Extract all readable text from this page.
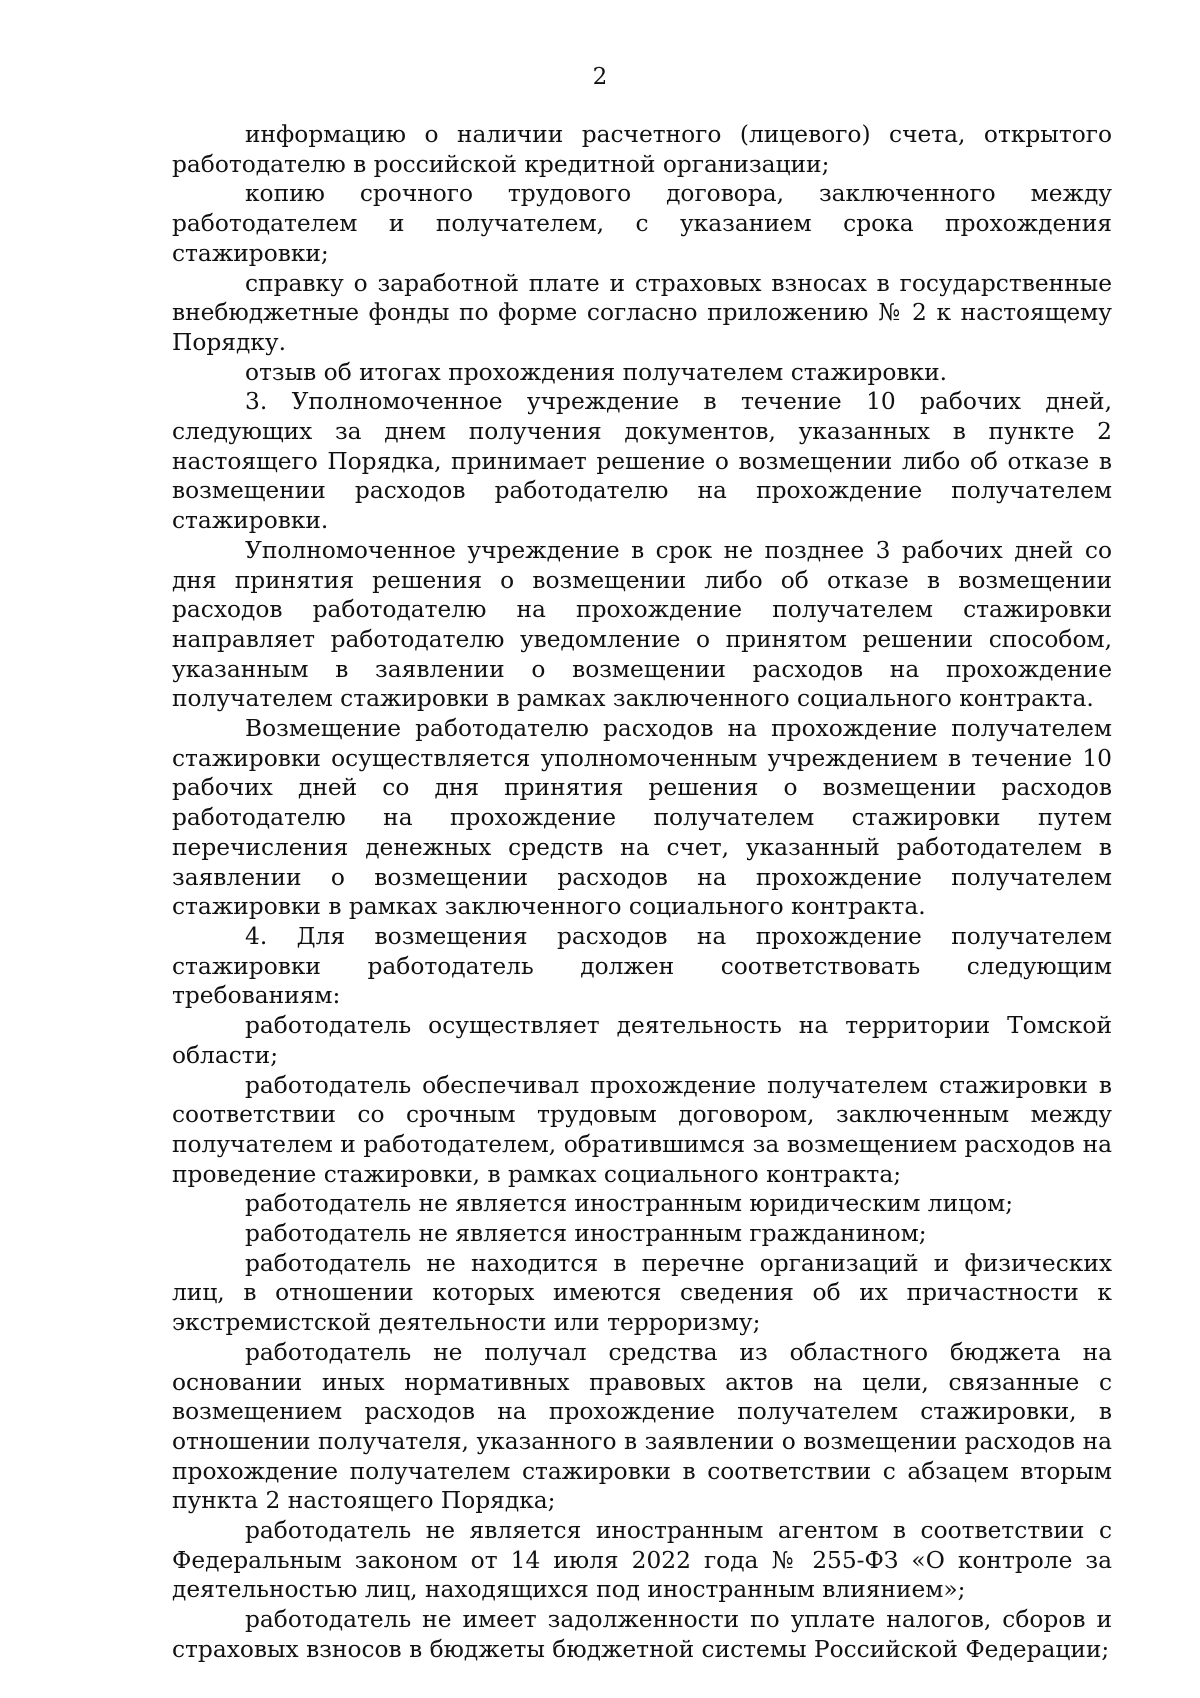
2

информацию о наличии расчетного (лицевого) счета, открытого работодателю в российской кредитной организации;

копию срочного трудового договора, заключенного между работодателем и получателем, с указанием срока прохождения стажировки;

справку о заработной плате и страховых взносах в государственные внебюджетные фонды по форме согласно приложению № 2 к настоящему Порядку.

отзыв об итогах прохождения получателем стажировки.

3. Уполномоченное учреждение в течение 10 рабочих дней, следующих за днем получения документов, указанных в пункте 2 настоящего Порядка, принимает решение о возмещении либо об отказе в возмещении расходов работодателю на прохождение получателем стажировки.

Уполномоченное учреждение в срок не позднее 3 рабочих дней со дня принятия решения о возмещении либо об отказе в возмещении расходов работодателю на прохождение получателем стажировки направляет работодателю уведомление о принятом решении способом, указанным в заявлении о возмещении расходов на прохождение получателем стажировки в рамках заключенного социального контракта.

Возмещение работодателю расходов на прохождение получателем стажировки осуществляется уполномоченным учреждением в течение 10 рабочих дней со дня принятия решения о возмещении расходов работодателю на прохождение получателем стажировки путем перечисления денежных средств на счет, указанный работодателем в заявлении о возмещении расходов на прохождение получателем стажировки в рамках заключенного социального контракта.

4. Для возмещения расходов на прохождение получателем стажировки работодатель должен соответствовать следующим требованиям:

работодатель осуществляет деятельность на территории Томской области;

работодатель обеспечивал прохождение получателем стажировки в соответствии со срочным трудовым договором, заключенным между получателем и работодателем, обратившимся за возмещением расходов на проведение стажировки, в рамках социального контракта;

работодатель не является иностранным юридическим лицом;

работодатель не является иностранным гражданином;

работодатель не находится в перечне организаций и физических лиц, в отношении которых имеются сведения об их причастности к экстремистской деятельности или терроризму;

работодатель не получал средства из областного бюджета на основании иных нормативных правовых актов на цели, связанные с возмещением расходов на прохождение получателем стажировки, в отношении получателя, указанного в заявлении о возмещении расходов на прохождение получателем стажировки в соответствии с абзацем вторым пункта 2 настоящего Порядка;

работодатель не является иностранным агентом в соответствии с Федеральным законом от 14 июля 2022 года № 255-ФЗ «О контроле за деятельностью лиц, находящихся под иностранным влиянием»;

работодатель не имеет задолженности по уплате налогов, сборов и страховых взносов в бюджеты бюджетной системы Российской Федерации;
